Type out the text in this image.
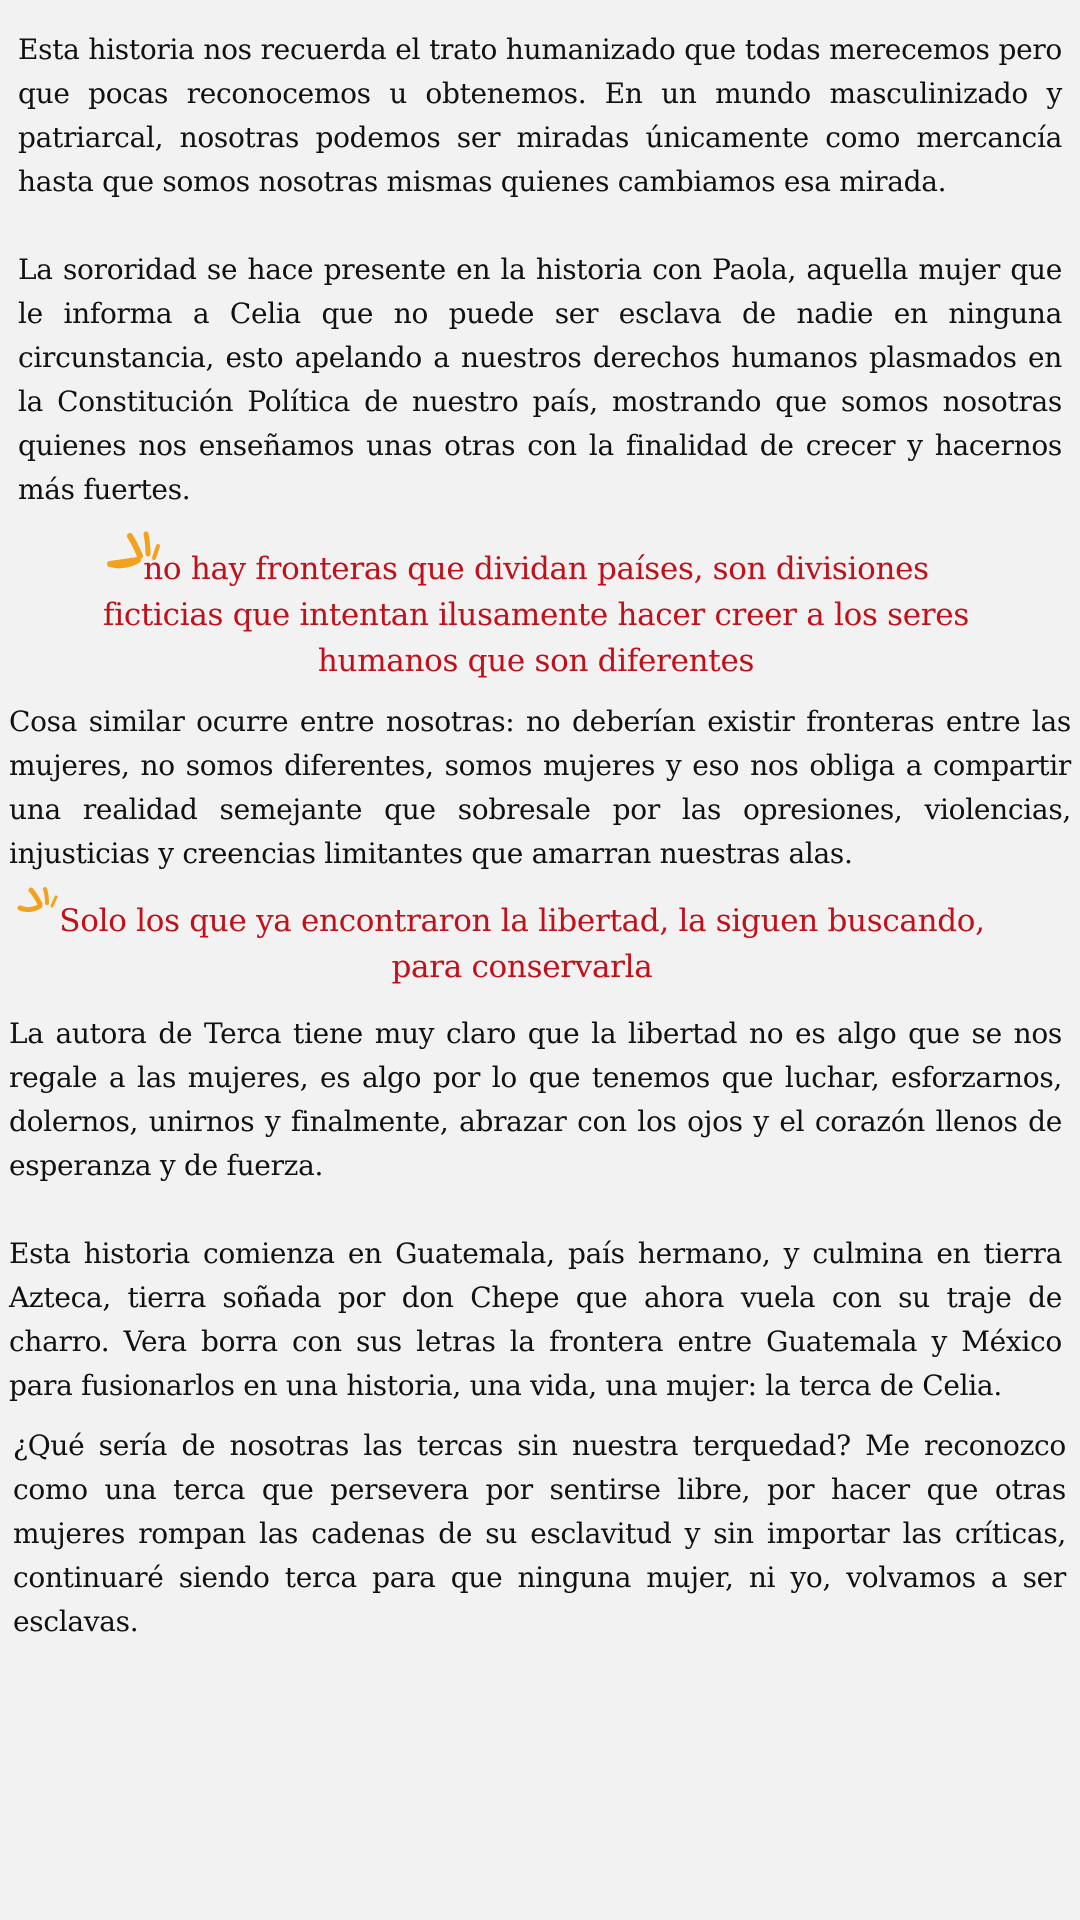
Esta historia nos recuerda el trato humanizado que todas merecemos pero que pocas reconocemos u obtenemos. En un mundo masculinizado y patriarcal, nosotras podemos ser miradas únicamente como mercancía hasta que somos nosotras mismas quienes cambiamos esa mirada.

La sororidad se hace presente en la historia con Paola, aquella mujer que le informa a Celia que no puede ser esclava de nadie en ninguna circunstancia, esto apelando a nuestros derechos humanos plasmados en la Constitución Política de nuestro país, mostrando que somos nosotras quienes nos enseñamos unas otras con la finalidad de crecer y hacernos más fuertes.

no hay fronteras que dividan países, son divisiones ficticias que intentan ilusamente hacer creer a los seres humanos que son diferentes

Cosa similar ocurre entre nosotras: no deberían existir fronteras entre las mujeres, no somos diferentes, somos mujeres y eso nos obliga a compartir una realidad semejante que sobresale por las opresiones, violencias, injusticias y creencias limitantes que amarran nuestras alas.

Solo los que ya encontraron la libertad, la siguen buscando, para conservarla

La autora de Terca tiene muy claro que la libertad no es algo que se nos regale a las mujeres, es algo por lo que tenemos que luchar, esforzarnos, dolernos, unirnos y finalmente, abrazar con los ojos y el corazón llenos de esperanza y de fuerza.

Esta historia comienza en Guatemala, país hermano, y culmina en tierra Azteca, tierra soñada por don Chepe que ahora vuela con su traje de charro. Vera borra con sus letras la frontera entre Guatemala y México para fusionarlos en una historia, una vida, una mujer: la terca de Celia.

¿Qué sería de nosotras las tercas sin nuestra terquedad? Me reconozco como una terca que persevera por sentirse libre, por hacer que otras mujeres rompan las cadenas de su esclavitud y sin importar las críticas, continuaré siendo terca para que ninguna mujer, ni yo, volvamos a ser esclavas.
